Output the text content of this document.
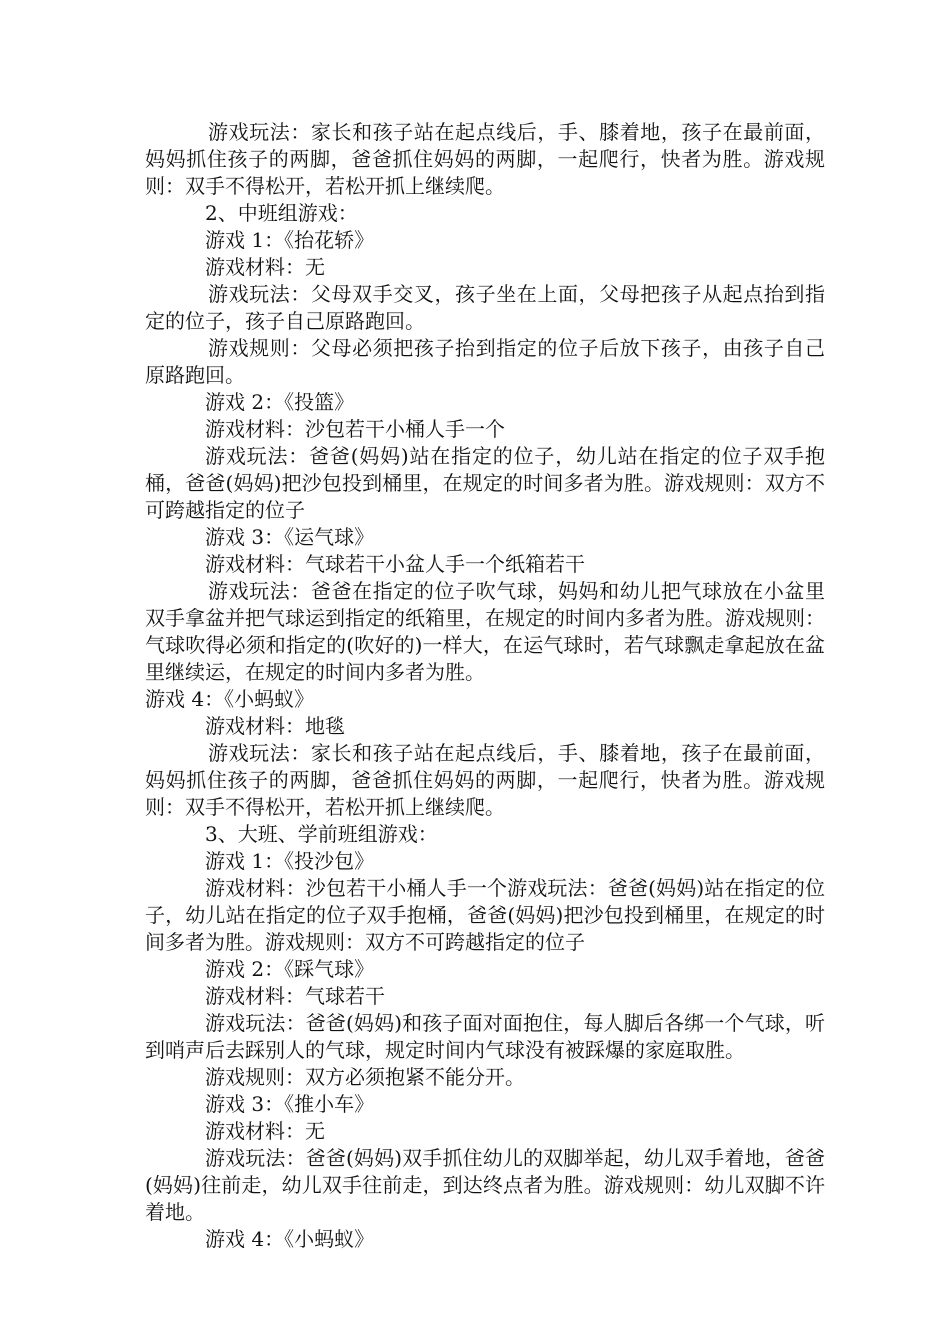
游戏玩法：家长和孩子站在起点线后，手、膝着地，孩子在最前面，妈妈抓住孩子的两脚，爸爸抓住妈妈的两脚，一起爬行，快者为胜。游戏规则：双手不得松开，若松开抓上继续爬。

2、中班组游戏：

游戏 1：《抬花轿》

游戏材料：无

游戏玩法：父母双手交叉，孩子坐在上面，父母把孩子从起点抬到指定的位子，孩子自己原路跑回。

游戏规则：父母必须把孩子抬到指定的位子后放下孩子，由孩子自己原路跑回。

游戏 2：《投篮》

游戏材料：沙包若干小桶人手一个

游戏玩法：爸爸(妈妈)站在指定的位子，幼儿站在指定的位子双手抱桶，爸爸(妈妈)把沙包投到桶里，在规定的时间多者为胜。游戏规则：双方不可跨越指定的位子

游戏 3：《运气球》

游戏材料：气球若干小盆人手一个纸箱若干

游戏玩法：爸爸在指定的位子吹气球，妈妈和幼儿把气球放在小盆里双手拿盆并把气球运到指定的纸箱里，在规定的时间内多者为胜。游戏规则：气球吹得必须和指定的(吹好的)一样大，在运气球时，若气球飘走拿起放在盆里继续运，在规定的时间内多者为胜。

游戏 4：《小蚂蚁》

游戏材料：地毯

游戏玩法：家长和孩子站在起点线后，手、膝着地，孩子在最前面，妈妈抓住孩子的两脚，爸爸抓住妈妈的两脚，一起爬行，快者为胜。游戏规则：双手不得松开，若松开抓上继续爬。

3、大班、学前班组游戏：

游戏 1：《投沙包》

游戏材料：沙包若干小桶人手一个游戏玩法：爸爸(妈妈)站在指定的位子，幼儿站在指定的位子双手抱桶，爸爸(妈妈)把沙包投到桶里，在规定的时间多者为胜。游戏规则：双方不可跨越指定的位子

游戏 2：《踩气球》

游戏材料：气球若干

游戏玩法：爸爸(妈妈)和孩子面对面抱住，每人脚后各绑一个气球，听到哨声后去踩别人的气球，规定时间内气球没有被踩爆的家庭取胜。

游戏规则：双方必须抱紧不能分开。

游戏 3：《推小车》

游戏材料：无

游戏玩法：爸爸(妈妈)双手抓住幼儿的双脚举起，幼儿双手着地，爸爸(妈妈)往前走，幼儿双手往前走，到达终点者为胜。游戏规则：幼儿双脚不许着地。

游戏 4：《小蚂蚁》
